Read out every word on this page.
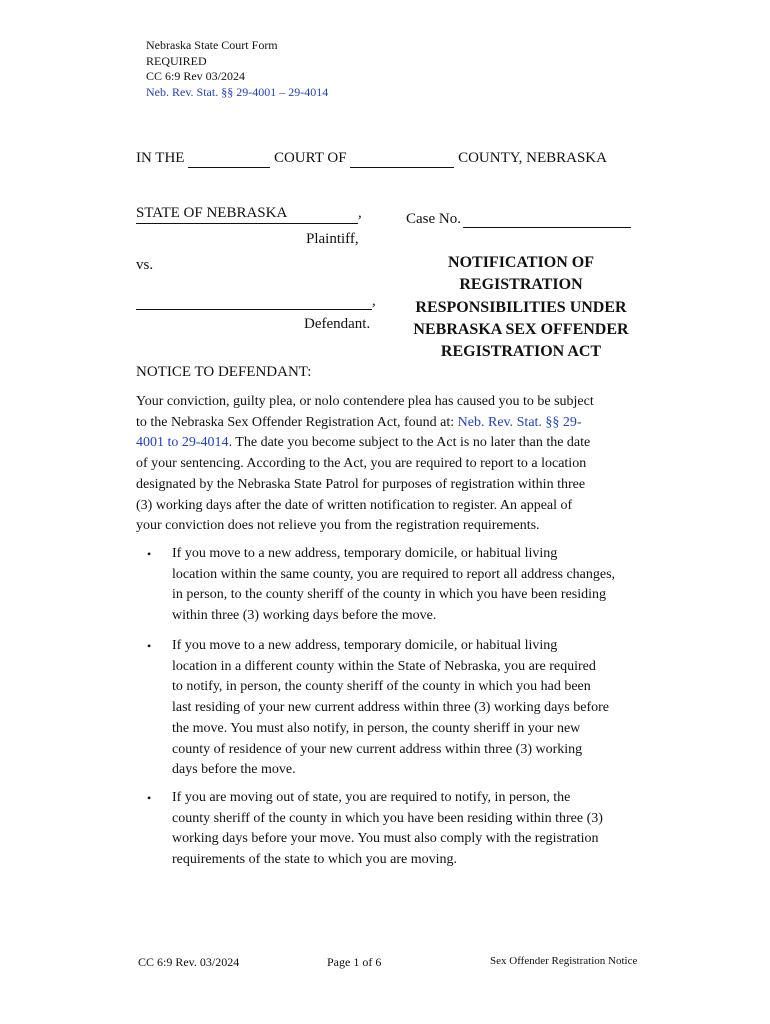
Nebraska State Court Form
REQUIRED
CC 6:9 Rev 03/2024
Neb. Rev. Stat. §§ 29-4001 – 29-4014
IN THE	COURT OF	COUNTY, NEBRASKA
STATE OF NEBRASKA	,
Plaintiff,
vs.
,
Defendant.
Case No.
NOTIFICATION OF REGISTRATION RESPONSIBILITIES UNDER NEBRASKA SEX OFFENDER REGISTRATION ACT
NOTICE TO DEFENDANT:
Your conviction, guilty plea, or nolo contendere plea has caused you to be subject
to the Nebraska Sex Offender Registration Act, found at: Neb. Rev. Stat. §§ 29-
4001 to 29-4014. The date you become subject to the Act is no later than the date
of your sentencing. According to the Act, you are required to report to a location
designated by the Nebraska State Patrol for purposes of registration within three
(3) working days after the date of written notification to register. An appeal of
your conviction does not relieve you from the registration requirements.
• If you move to a new address, temporary domicile, or habitual living
location within the same county, you are required to report all address changes,
in person, to the county sheriff of the county in which you have been residing
within three (3) working days before the move.
• If you move to a new address, temporary domicile, or habitual living
location in a different county within the State of Nebraska, you are required
to notify, in person, the county sheriff of the county in which you had been
last residing of your new current address within three (3) working days before
the move. You must also notify, in person, the county sheriff in your new
county of residence of your new current address within three (3) working
days before the move.
• If you are moving out of state, you are required to notify, in person, the
county sheriff of the county in which you have been residing within three (3)
working days before your move. You must also comply with the registration
requirements of the state to which you are moving.
CC 6:9 Rev. 03/2024	Page 1 of 6	Sex Offender Registration Notice
